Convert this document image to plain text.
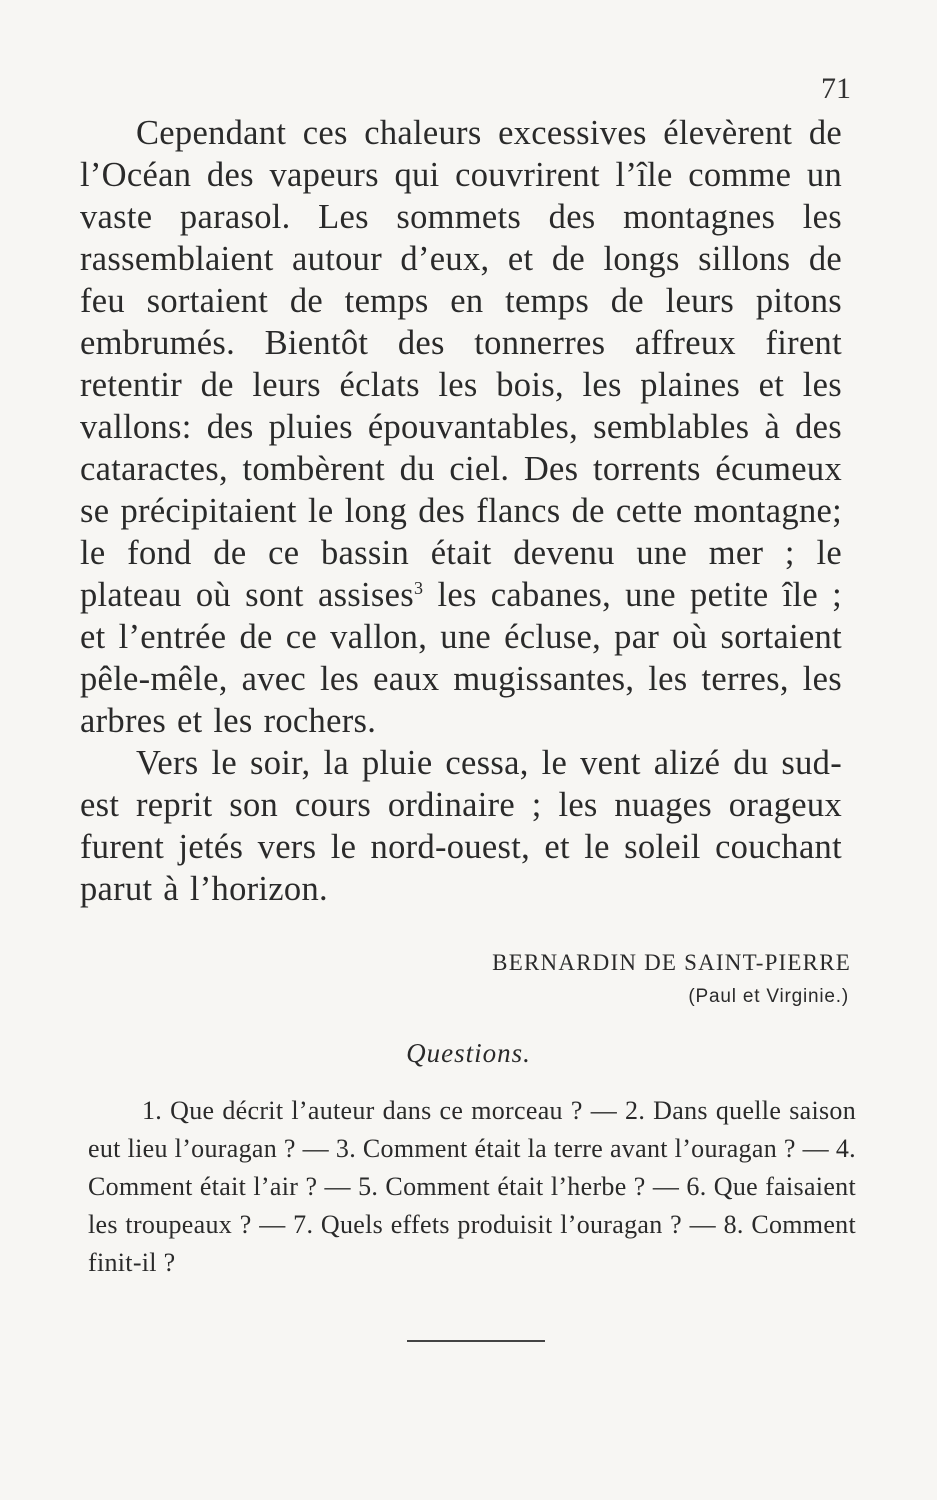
71

Cependant ces chaleurs excessives élevèrent de l’Océan des vapeurs qui couvrirent l’île comme un vaste parasol. Les sommets des montagnes les rassemblaient autour d’eux, et de longs sillons de feu sortaient de temps en temps de leurs pitons embrumés. Bientôt des tonnerres affreux firent retentir de leurs éclats les bois, les plaines et les vallons: des pluies épouvantables, semblables à des cataractes, tombèrent du ciel. Des torrents écumeux se précipitaient le long des flancs de cette montagne; le fond de ce bassin était devenu une mer ; le plateau où sont assises$^3$ les cabanes, une petite île ; et l’entrée de ce vallon, une écluse, par où sortaient pêle-mêle, avec les eaux mugissantes, les terres, les arbres et les rochers.

Vers le soir, la pluie cessa, le vent alizé du sud-est reprit son cours ordinaire ; les nuages orageux furent jetés vers le nord-ouest, et le soleil couchant parut à l’horizon.

BERNARDIN DE SAINT-PIERRE
(Paul et Virginie.)
Questions.

1. Que décrit l’auteur dans ce morceau ? — 2. Dans quelle saison eut lieu l’ouragan ? — 3. Comment était la terre avant l’ouragan ? — 4. Comment était l’air ? — 5. Comment était l’herbe ? — 6. Que faisaient les troupeaux ? — 7. Quels effets produisit l’ouragan ? — 8. Comment finit-il ?
